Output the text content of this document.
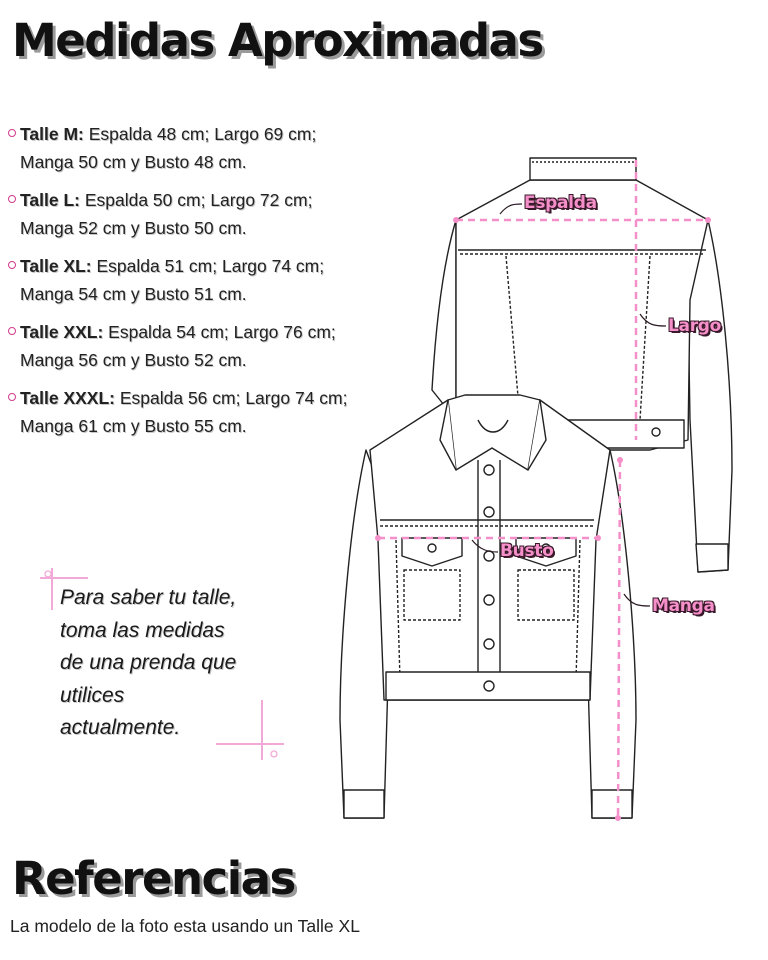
Medidas Aproximadas
Talle M: Espalda 48 cm; Largo 69 cm;
Manga 50 cm y Busto 48 cm.
Talle L: Espalda 50 cm; Largo 72 cm;
Manga 52 cm y Busto 50 cm.
Talle XL: Espalda 51 cm; Largo 74 cm;
Manga 54 cm y Busto 51 cm.
Talle XXL: Espalda 54 cm; Largo 76 cm;
Manga 56 cm y Busto 52 cm.
Talle XXXL: Espalda 56 cm; Largo 74 cm;
Manga 61 cm y Busto 55 cm.
Para saber tu talle,
toma las medidas
de una prenda que
utilices
actualmente.
Espalda
Largo
Busto
Manga
Referencias
La modelo de la foto esta usando un Talle XL
